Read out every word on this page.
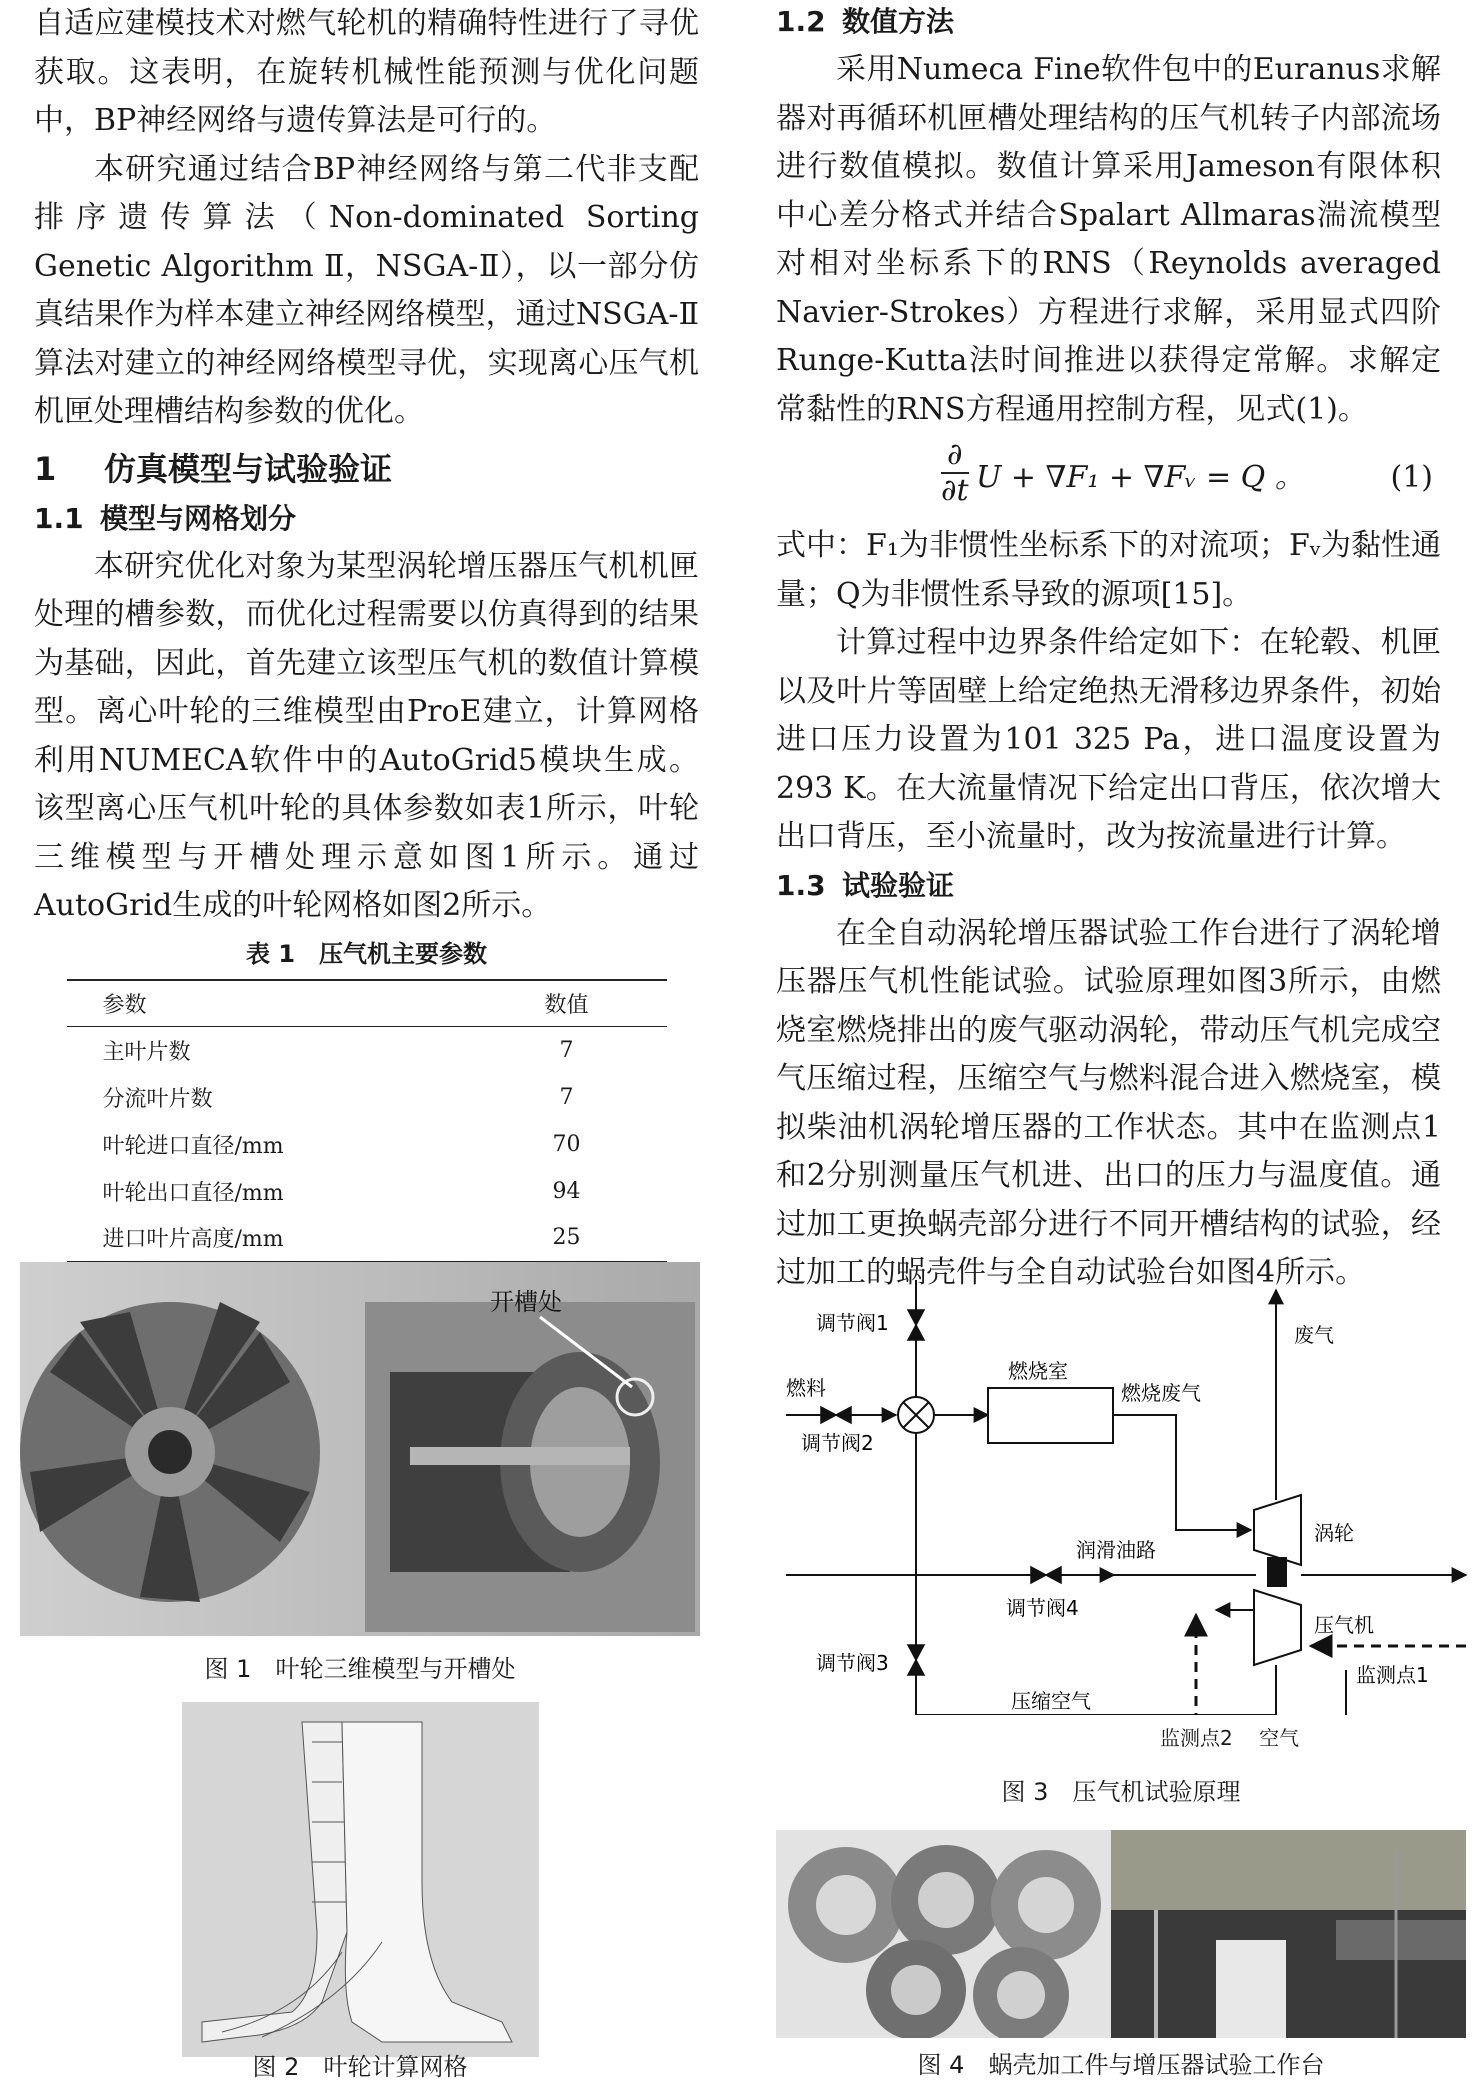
自适应建模技术对燃气轮机的精确特性进行了寻优获取。这表明，在旋转机械性能预测与优化问题中，BP神经网络与遗传算法是可行的。

本研究通过结合BP神经网络与第二代非支配排序遗传算法（Non-dominated Sorting Genetic Algorithm Ⅱ，NSGA-Ⅱ），以一部分仿真结果作为样本建立神经网络模型，通过NSGA-Ⅱ算法对建立的神经网络模型寻优，实现离心压气机机匣处理槽结构参数的优化。

1 仿真模型与试验验证
1.1 模型与网格划分

本研究优化对象为某型涡轮增压器压气机机匣处理的槽参数，而优化过程需要以仿真得到的结果为基础，因此，首先建立该型压气机的数值计算模型。离心叶轮的三维模型由ProE建立，计算网格利用NUMECA软件中的AutoGrid5模块生成。该型离心压气机叶轮的具体参数如表1所示，叶轮三维模型与开槽处理示意如图1所示。通过AutoGrid生成的叶轮网格如图2所示。

表 1　压气机主要参数
参数	数值
主叶片数	7
分流叶片数	7
叶轮进口直径/mm	70
叶轮出口直径/mm	94
进口叶片高度/mm	25
开槽处
图 1　叶轮三维模型与开槽处
图 2　叶轮计算网格
1.2 数值方法

采用Numeca Fine软件包中的Euranus求解器对再循环机匣槽处理结构的压气机转子内部流场进行数值模拟。数值计算采用Jameson有限体积中心差分格式并结合Spalart Allmaras湍流模型对相对坐标系下的RNS（Reynolds averaged Navier-Strokes）方程进行求解，采用显式四阶Runge-Kutta法时间推进以获得定常解。求解定常黏性的RNS方程通用控制方程，见式(1)。

∂
∂t U + ∇F₁ + ∇Fᵥ = Q 。	(1)

式中：F₁为非惯性坐标系下的对流项；Fᵥ为黏性通量；Q为非惯性系导致的源项[15]。

计算过程中边界条件给定如下：在轮毂、机匣以及叶片等固壁上给定绝热无滑移边界条件，初始进口压力设置为101 325 Pa，进口温度设置为293 K。在大流量情况下给定出口背压，依次增大出口背压，至小流量时，改为按流量进行计算。

1.3 试验验证

在全自动涡轮增压器试验工作台进行了涡轮增压器压气机性能试验。试验原理如图3所示，由燃烧室燃烧排出的废气驱动涡轮，带动压气机完成空气压缩过程，压缩空气与燃料混合进入燃烧室，模拟柴油机涡轮增压器的工作状态。其中在监测点1和2分别测量压气机进、出口的压力与温度值。通过加工更换蜗壳部分进行不同开槽结构的试验，经过加工的蜗壳件与全自动试验台如图4所示。

调节阀1
燃料
调节阀2
燃烧室
燃烧废气
废气
涡轮
润滑油路
调节阀4
压气机
调节阀3	监测点1
压缩空气
监测点2 空气
图 3　压气机试验原理
图 4　蜗壳加工件与增压器试验工作台
